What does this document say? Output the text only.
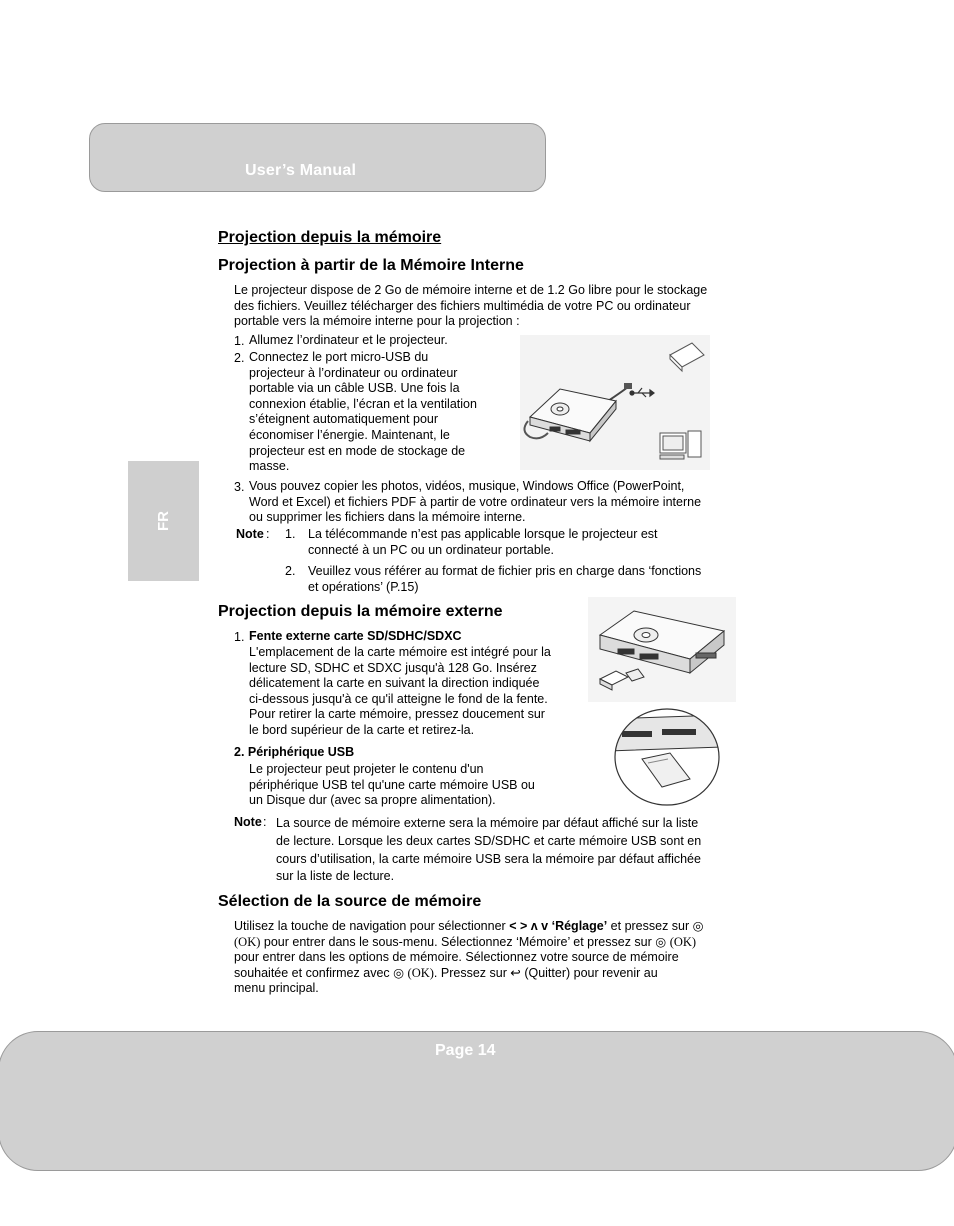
User’s Manual
FR
Projection depuis la mémoire
Projection à partir de la Mémoire Interne
Le projecteur dispose de 2 Go de mémoire interne et de 1.2 Go libre pour le stockage
des fichiers. Veuillez télécharger des fichiers multimédia de votre PC ou ordinateur
portable vers la mémoire interne pour la projection :
1. Allumez l’ordinateur et le projecteur.
2. Connectez le port micro-USB du
projecteur à l’ordinateur ou ordinateur
portable via un câble USB. Une fois la
connexion établie, l’écran et la ventilation
s’éteignent automatiquement pour
économiser l’énergie. Maintenant, le
projecteur est en mode de stockage de
masse.
3. Vous pouvez copier les photos, vidéos, musique, Windows Office (PowerPoint,
Word et Excel) et fichiers PDF à partir de votre ordinateur vers la mémoire interne
ou supprimer les fichiers dans la mémoire interne.
Note : 1. La télécommande n’est pas applicable lorsque le projecteur est
connecté à un PC ou un ordinateur portable.
2. Veuillez vous référer au format de fichier pris en charge dans ‘fonctions
et opérations’ (P.15)
Projection depuis la mémoire externe
1. Fente externe carte SD/SDHC/SDXC
L'emplacement de la carte mémoire est intégré pour la
lecture SD, SDHC et SDXC jusqu'à 128 Go. Insérez
délicatement la carte en suivant la direction indiquée
ci-dessous jusqu'à ce qu'il atteigne le fond de la fente.
Pour retirer la carte mémoire, pressez doucement sur
le bord supérieur de la carte et retirez-la.
2. Périphérique USB
Le projecteur peut projeter le contenu d'un
périphérique USB tel qu'une carte mémoire USB ou
un Disque dur (avec sa propre alimentation).
Note : La source de mémoire externe sera la mémoire par défaut affiché sur la liste
de lecture. Lorsque les deux cartes SD/SDHC et carte mémoire USB sont en
cours d’utilisation, la carte mémoire USB sera la mémoire par défaut affichée
sur la liste de lecture.
Sélection de la source de mémoire
Utilisez la touche de navigation pour sélectionner < > ʌ v ‘Réglage’ et pressez sur ◎
(OK) pour entrer dans le sous-menu. Sélectionnez ‘Mémoire’ et pressez sur ◎ (OK)
pour entrer dans les options de mémoire. Sélectionnez votre source de mémoire
souhaitée et confirmez avec ◎ (OK). Pressez sur ↩ (Quitter) pour revenir au
menu principal.
Page 14
